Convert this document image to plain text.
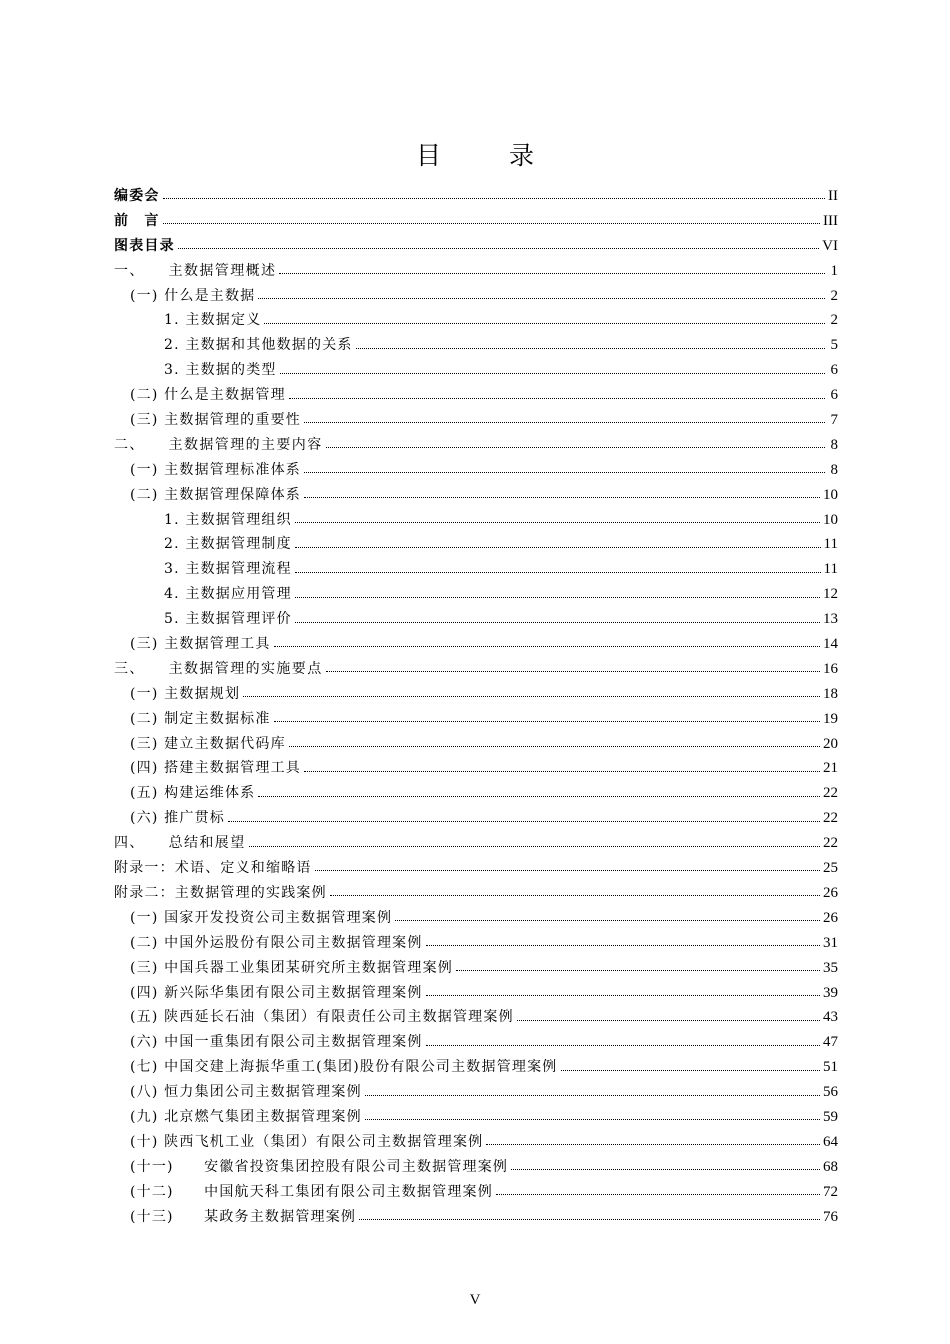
目 录
编委会	II
前　言	III
图表目录	VI
一、　　主数据管理概述	1
(一) 什么是主数据	2
1. 主数据定义	2
2. 主数据和其他数据的关系	5
3. 主数据的类型	6
(二) 什么是主数据管理	6
(三) 主数据管理的重要性	7
二、　　主数据管理的主要内容	8
(一) 主数据管理标准体系	8
(二) 主数据管理保障体系	10
1. 主数据管理组织	10
2. 主数据管理制度	11
3. 主数据管理流程	11
4. 主数据应用管理	12
5. 主数据管理评价	13
(三) 主数据管理工具	14
三、　　主数据管理的实施要点	16
(一) 主数据规划	18
(二) 制定主数据标准	19
(三) 建立主数据代码库	20
(四) 搭建主数据管理工具	21
(五) 构建运维体系	22
(六) 推广贯标	22
四、　　总结和展望	22
附录一：术语、定义和缩略语	25
附录二：主数据管理的实践案例	26
(一) 国家开发投资公司主数据管理案例	26
(二) 中国外运股份有限公司主数据管理案例	31
(三) 中国兵器工业集团某研究所主数据管理案例	35
(四) 新兴际华集团有限公司主数据管理案例	39
(五) 陕西延长石油（集团）有限责任公司主数据管理案例	43
(六) 中国一重集团有限公司主数据管理案例	47
(七) 中国交建上海振华重工(集团)股份有限公司主数据管理案例	51
(八) 恒力集团公司主数据管理案例	56
(九) 北京燃气集团主数据管理案例	59
(十) 陕西飞机工业（集团）有限公司主数据管理案例	64
(十一)　　安徽省投资集团控股有限公司主数据管理案例	68
(十二)　　中国航天科工集团有限公司主数据管理案例	72
(十三)　　某政务主数据管理案例	76
V
